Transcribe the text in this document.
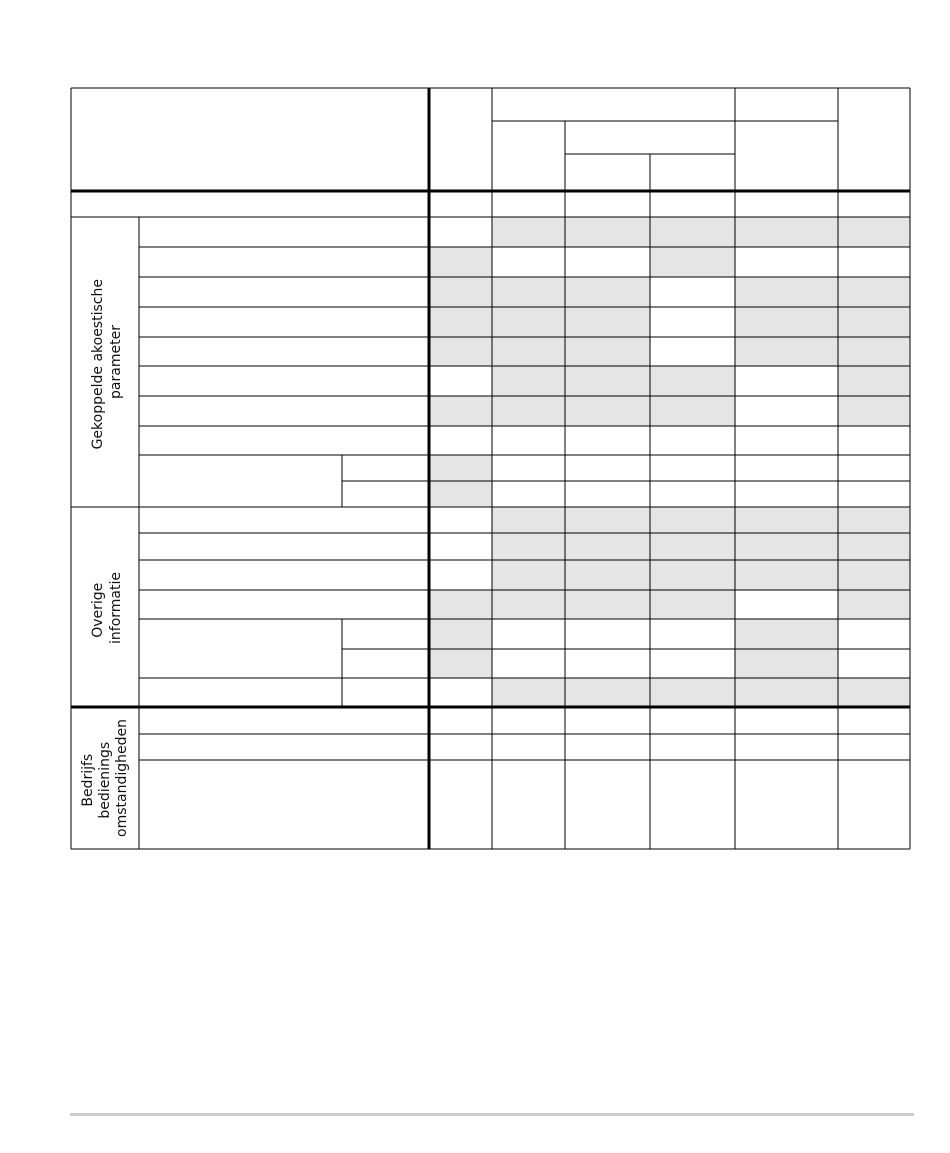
Gekoppelde akoestische parameter
Overige informatie
Bedrijfs bedienings omstandigheden
